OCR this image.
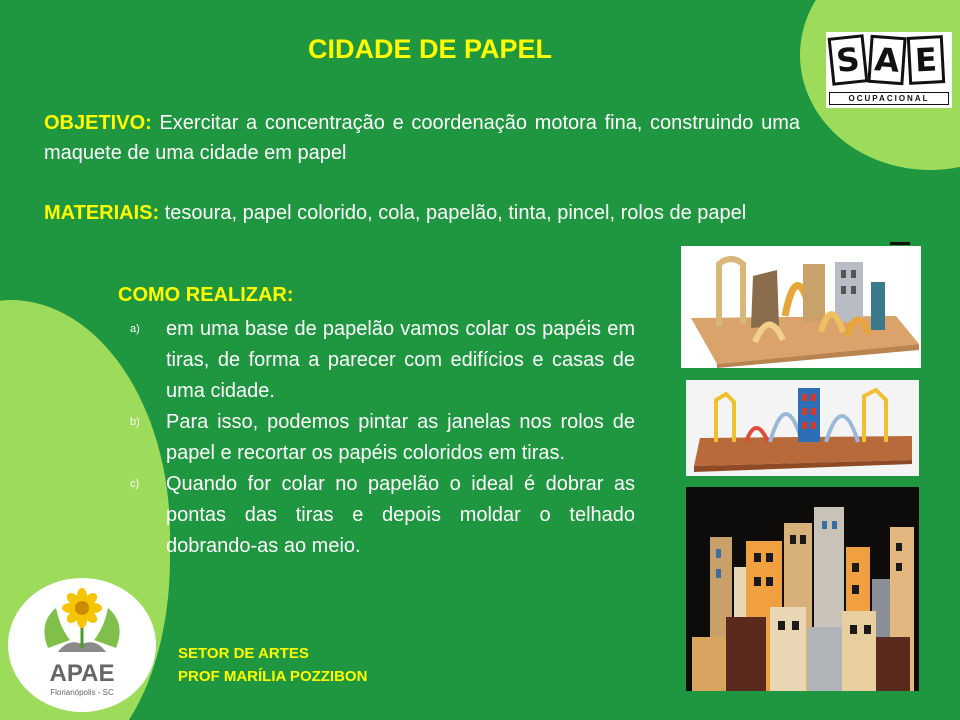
CIDADE DE PAPEL

OBJETIVO: Exercitar a concentração e coordenação motora fina, construindo uma maquete de uma cidade em papel

MATERIAIS: tesoura, papel colorido, cola, papelão, tinta, pincel, rolos de papel

COMO REALIZAR:
a)	em uma base de papelão vamos colar os papéis em tiras, de forma a parecer com edifícios e casas de uma cidade.
b)	Para isso, podemos pintar as janelas nos rolos de papel e recortar os papéis coloridos em tiras.
c)	Quando for colar no papelão o ideal é dobrar as pontas das tiras e depois moldar o telhado dobrando-as ao meio.
SETOR DE ARTES
PROF MARÍLIA POZZIBON
S A E
OCUPACIONAL
APAE
Florianópolis - SC
